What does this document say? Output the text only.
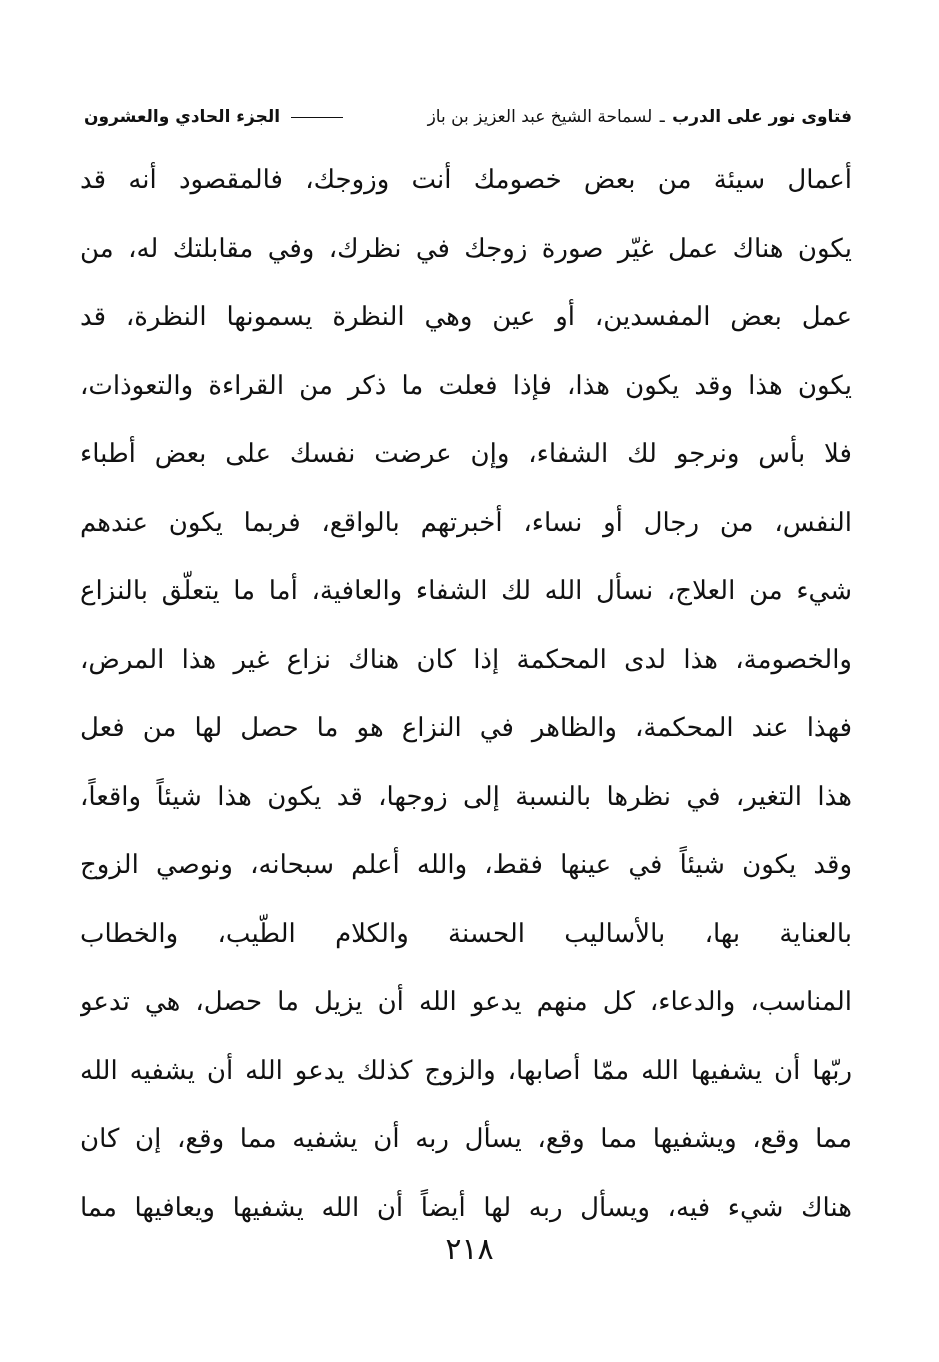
فتاوى نور على الدرب ـ لسماحة الشيخ عبد العزيز بن باز
الجزء الحادي والعشرون
أعمال سيئة من بعض خصومك أنت وزوجك، فالمقصود أنه قد
يكون هناك عمل غيّر صورة زوجك في نظرك، وفي مقابلتك له، من
عمل بعض المفسدين، أو عين وهي النظرة يسمونها النظرة، قد
يكون هذا وقد يكون هذا، فإذا فعلت ما ذكر من القراءة والتعوذات،
فلا بأس ونرجو لك الشفاء، وإن عرضت نفسك على بعض أطباء
النفس، من رجال أو نساء، أخبرتهم بالواقع، فربما يكون عندهم
شيء من العلاج، نسأل الله لك الشفاء والعافية، أما ما يتعلّق بالنزاع
والخصومة، هذا لدى المحكمة إذا كان هناك نزاع غير هذا المرض،
فهذا عند المحكمة، والظاهر في النزاع هو ما حصل لها من فعل
هذا التغير، في نظرها بالنسبة إلى زوجها، قد يكون هذا شيئاً واقعاً،
وقد يكون شيئاً في عينها فقط، والله أعلم سبحانه، ونوصي الزوج
بالعناية بها، بالأساليب الحسنة والكلام الطّيب، والخطاب
المناسب، والدعاء، كل منهم يدعو الله أن يزيل ما حصل، هي تدعو
ربّها أن يشفيها الله ممّا أصابها، والزوج كذلك يدعو الله أن يشفيه الله
مما وقع، ويشفيها مما وقع، يسأل ربه أن يشفيه مما وقع، إن كان
هناك شيء فيه، ويسأل ربه لها أيضاً أن الله يشفيها ويعافيها مما
٢١٨
